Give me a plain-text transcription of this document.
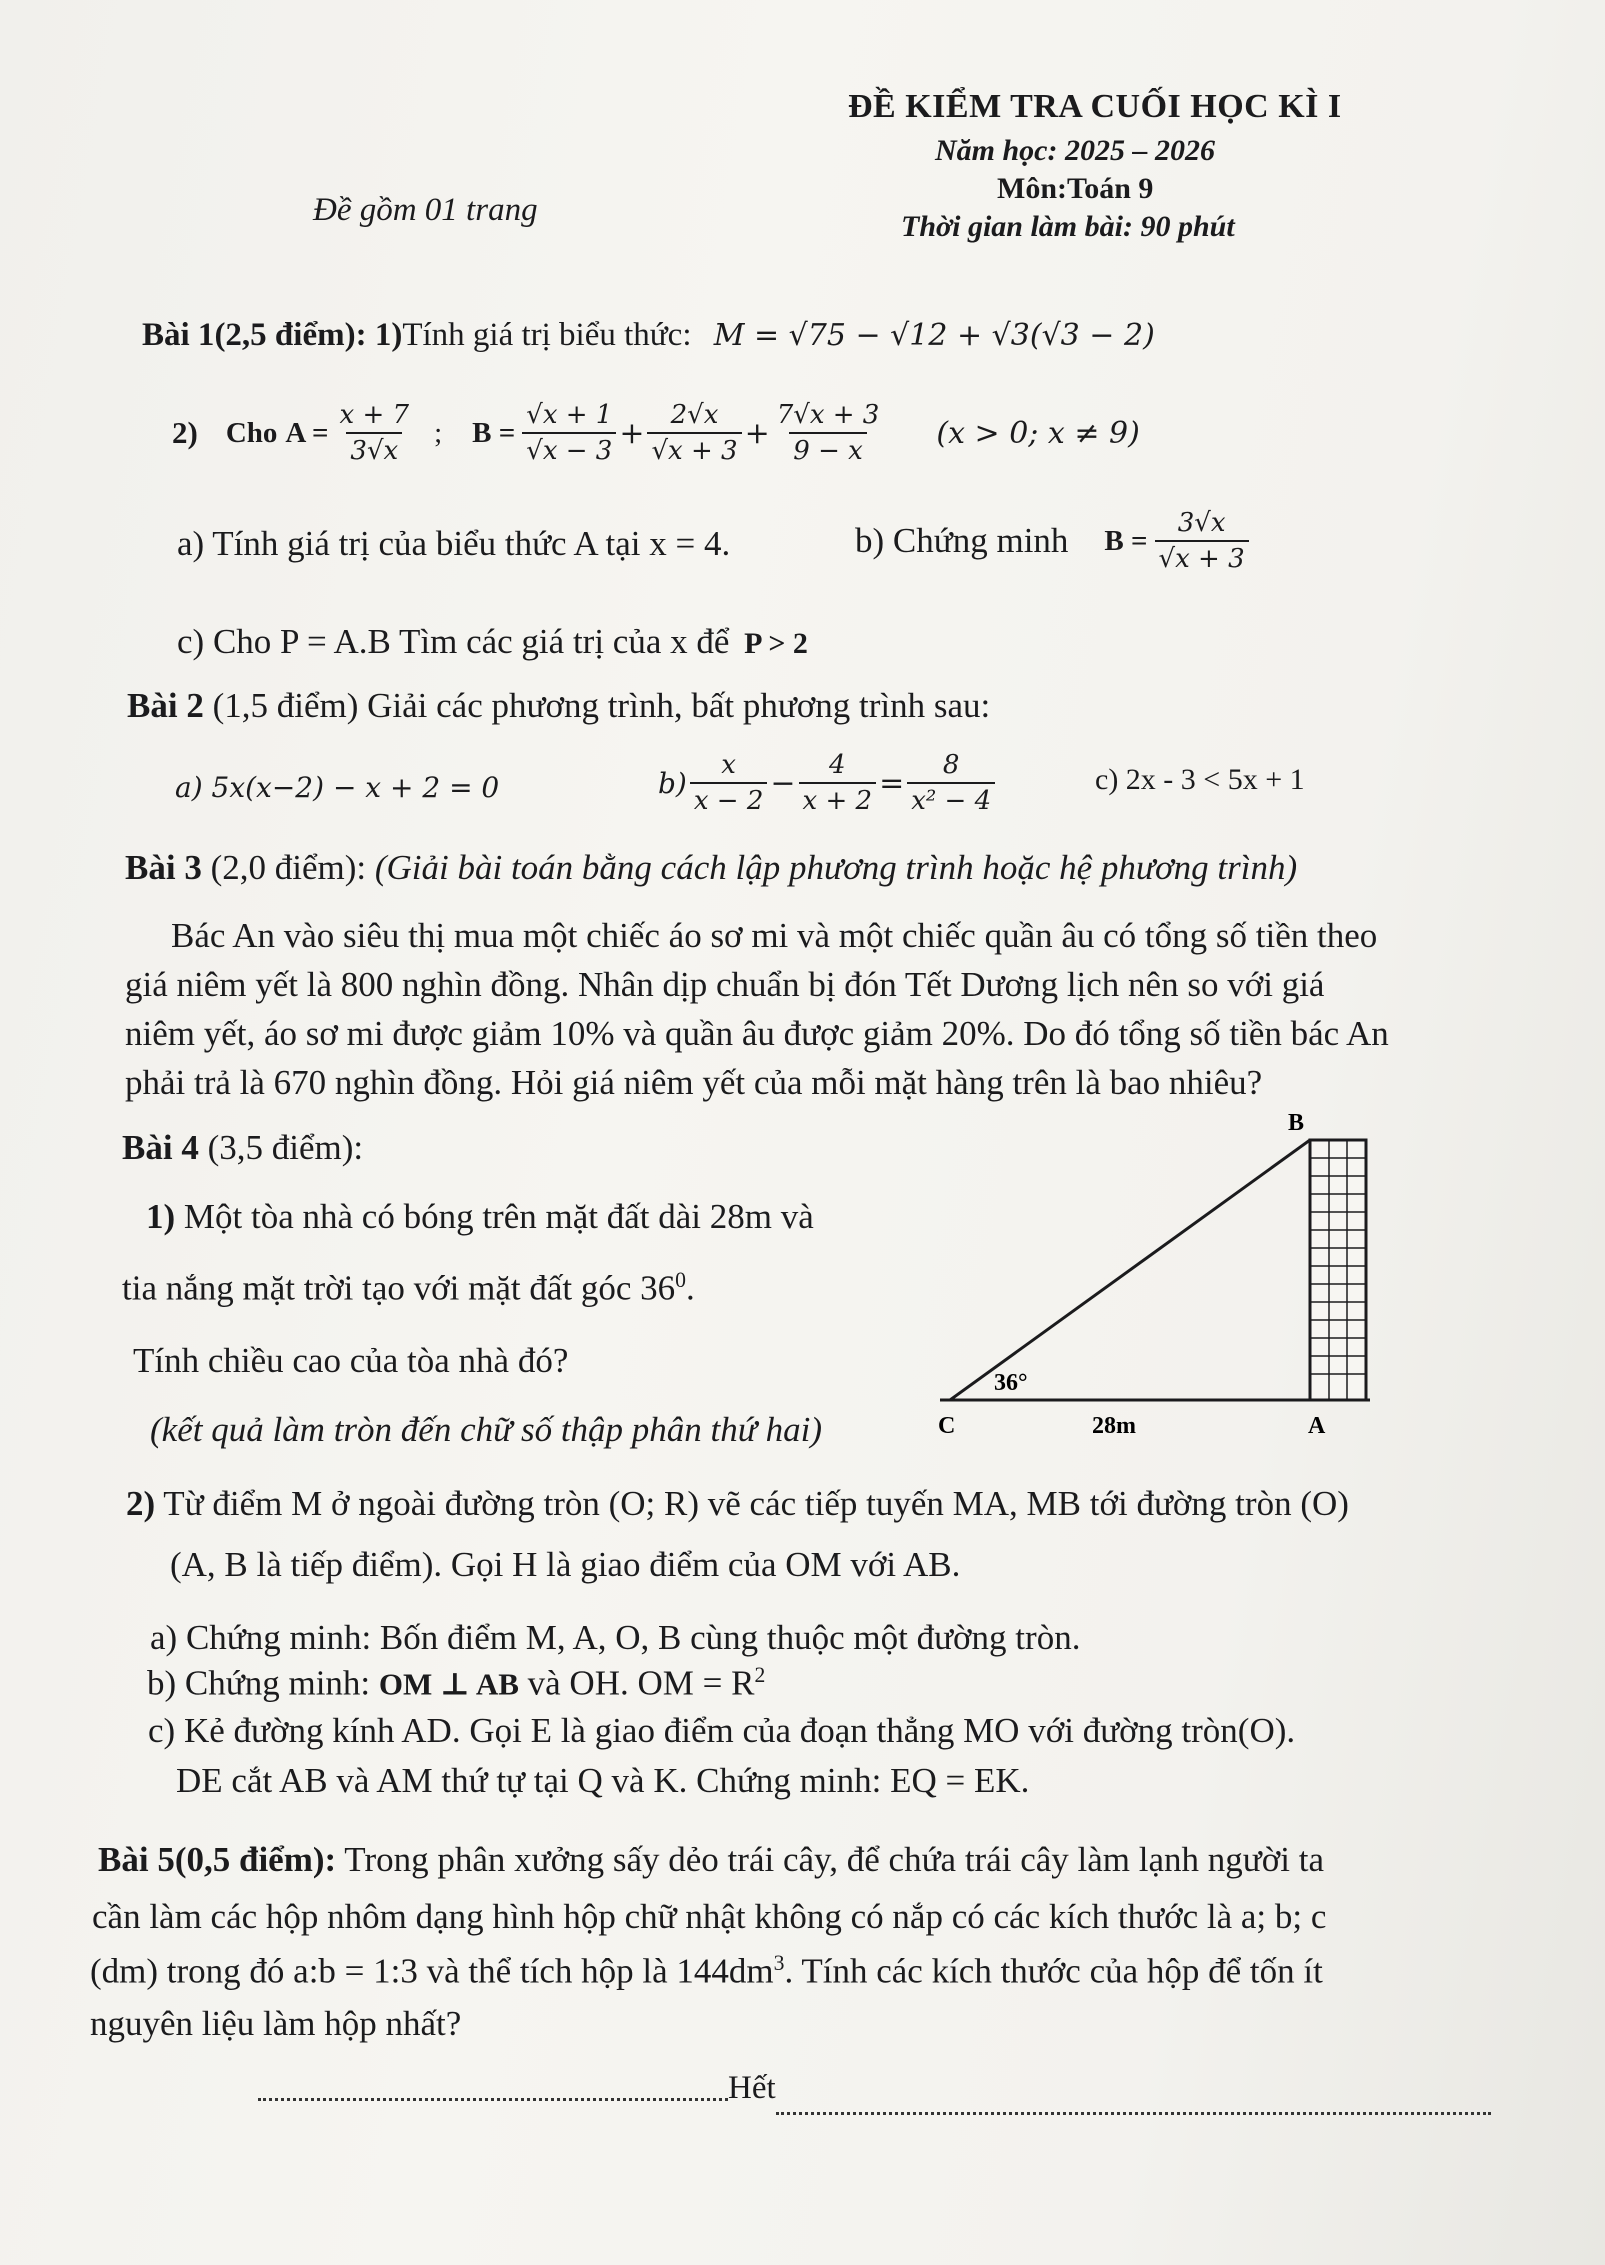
ĐỀ KIỂM TRA CUỐI HỌC KÌ I
Năm học: 2025 – 2026
Môn:Toán 9
Đề gồm 01 trang	Thời gian làm bài: 90 phút
Bài 1(2,5 điểm): 1)Tính giá trị biểu thức: M = √75 − √12 + √3(√3 − 2)
2) Cho $A = \frac{x + 7}{3√x}$ ; $B = \frac{√x + 1}{√x - 3} + \frac{2√x}{√x + 3} + \frac{7√x + 3}{9 - x} (x > 0$; x ≠ 9)
a) Tính giá trị của biểu thức A tại x = 4.	b) Chứng minh $B = \frac{3√x}{√x + 3}$
c) Cho P = A.B Tìm các giá trị của x để P > 2
Bài 2 (1,5 điểm) Giải các phương trình, bất phương trình sau:
a) 5x(x−2) − x + 2 = 0	$b) \frac{x}{x - 2} - \frac{4}{x + 2} = \frac{8}{\text{x² − 4}}$	c) 2x - 3 < 5x + 1
Bài 3 (2,0 điểm): (Giải bài toán bằng cách lập phương trình hoặc hệ phương trình)

Bác An vào siêu thị mua một chiếc áo sơ mi và một chiếc quần âu có tổng số tiền theo

giá niêm yết là 800 nghìn đồng. Nhân dịp chuẩn bị đón Tết Dương lịch nên so với giá

niêm yết, áo sơ mi được giảm 10% và quần âu được giảm 20%. Do đó tổng số tiền bác An

phải trả là 670 nghìn đồng. Hỏi giá niêm yết của mỗi mặt hàng trên là bao nhiêu?

Bài 4 (3,5 điểm):
1) Một tòa nhà có bóng trên mặt đất dài 28m và
tia nắng mặt trời tạo với mặt đất góc $36^0$.
Tính chiều cao của tòa nhà đó?
(kết quả làm tròn đến chữ số thập phân thứ hai)
B
C	A
36°
28m
2) Từ điểm M ở ngoài đường tròn (O; R) vẽ các tiếp tuyến MA, MB tới đường tròn (O)
(A, B là tiếp điểm). Gọi H là giao điểm của OM với AB.
a) Chứng minh: Bốn điểm M, A, O, B cùng thuộc một đường tròn.
b) Chứng minh: OM ⊥ AB và OH. OM = $R^2$
c) Kẻ đường kính AD. Gọi E là giao điểm của đoạn thẳng MO với đường tròn(O).
DE cắt AB và AM thứ tự tại Q và K. Chứng minh: EQ = EK.
Bài 5(0,5 điểm): Trong phân xưởng sấy dẻo trái cây, để chứa trái cây làm lạnh người ta
cần làm các hộp nhôm dạng hình hộp chữ nhật không có nắp có các kích thước là a; b; c
(dm) trong đó a:b = 1:3 và thể tích hộp là $144dm^3$. Tính các kích thước của hộp để tốn ít
nguyên liệu làm hộp nhất?
Hết
